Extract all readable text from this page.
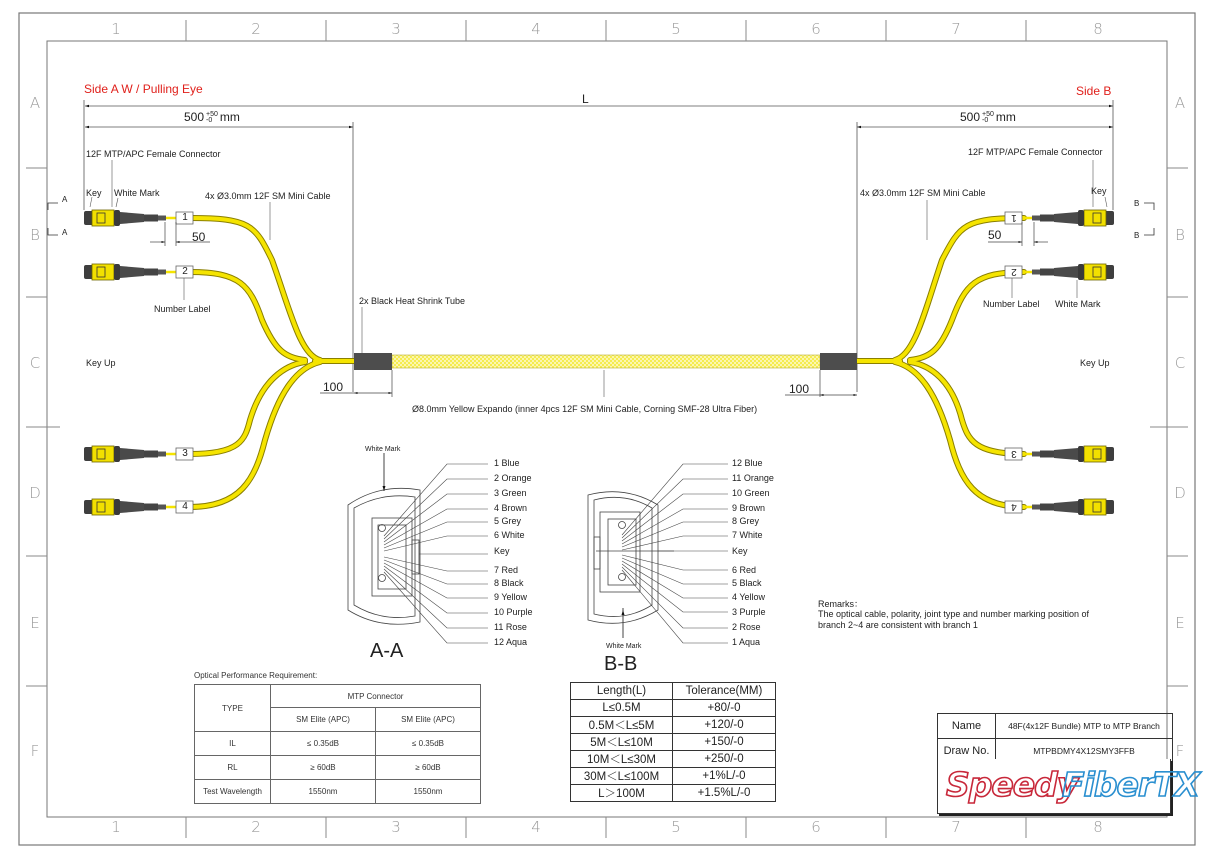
1	2	3	4	5	6	7	8
1	2	3	4	5	6	7	8
A
B
C
D
E
F
A
B
C
D
E
F
Side A W / Pulling Eye
L
500 +50
-0 mm
12F MTP/APC Female Connector
Key White Mark	4x Ø3.0mm 12F SM Mini Cable
50
Number Label
Key Up
A
A
1
2
3
4
Side B
500 +50
-0 mm
12F MTP/APC Female Connector
Key
4x Ø3.0mm 12F SM Mini Cable
50
Number Label White Mark
Key Up
B
B
1
2
3
4
2x Black Heat Shrink Tube
100	100
Ø8.0mm Yellow Expando (inner 4pcs 12F SM Mini Cable, Corning SMF-28 Ultra Fiber)
White Mark
1 Blue
2 Orange
3 Green
4 Brown
5 Grey
6 White
Key
7 Red
8 Black
9 Yellow
10 Purple
11 Rose
12 Aqua
A-A	White Mark
12 Blue
11 Orange
10 Green
9 Brown
8 Grey
7 White
Key
6 Red
5 Black
4 Yellow
3 Purple
2 Rose
1 Aqua
B-B
Remarks：
The optical cable, polarity, joint type and number marking position of
branch 2~4 are consistent with branch 1
Optical Performance Requirement:
TYPE	MTP Connector	
	SM Elite (APC)	SM Elite (APC)
IL	≤ 0.35dB	≤ 0.35dB
RL	≥ 60dB	≥ 60dB
Test Wavelength	1550nm	1550nm
Length(L)	Tolerance(MM)
L≤0.5M	+80/-0
0.5M＜L≤5M	+120/-0
5M＜L≤10M	+150/-0
10M＜L≤30M	+250/-0
30M＜L≤100M	+1%L/-0
L＞100M	+1.5%L/-0
Name	48F(4x12F Bundle) MTP to MTP Branch
Draw No.	MTPBDMY4X12SMY3FFB
Speedy
FiberTX
